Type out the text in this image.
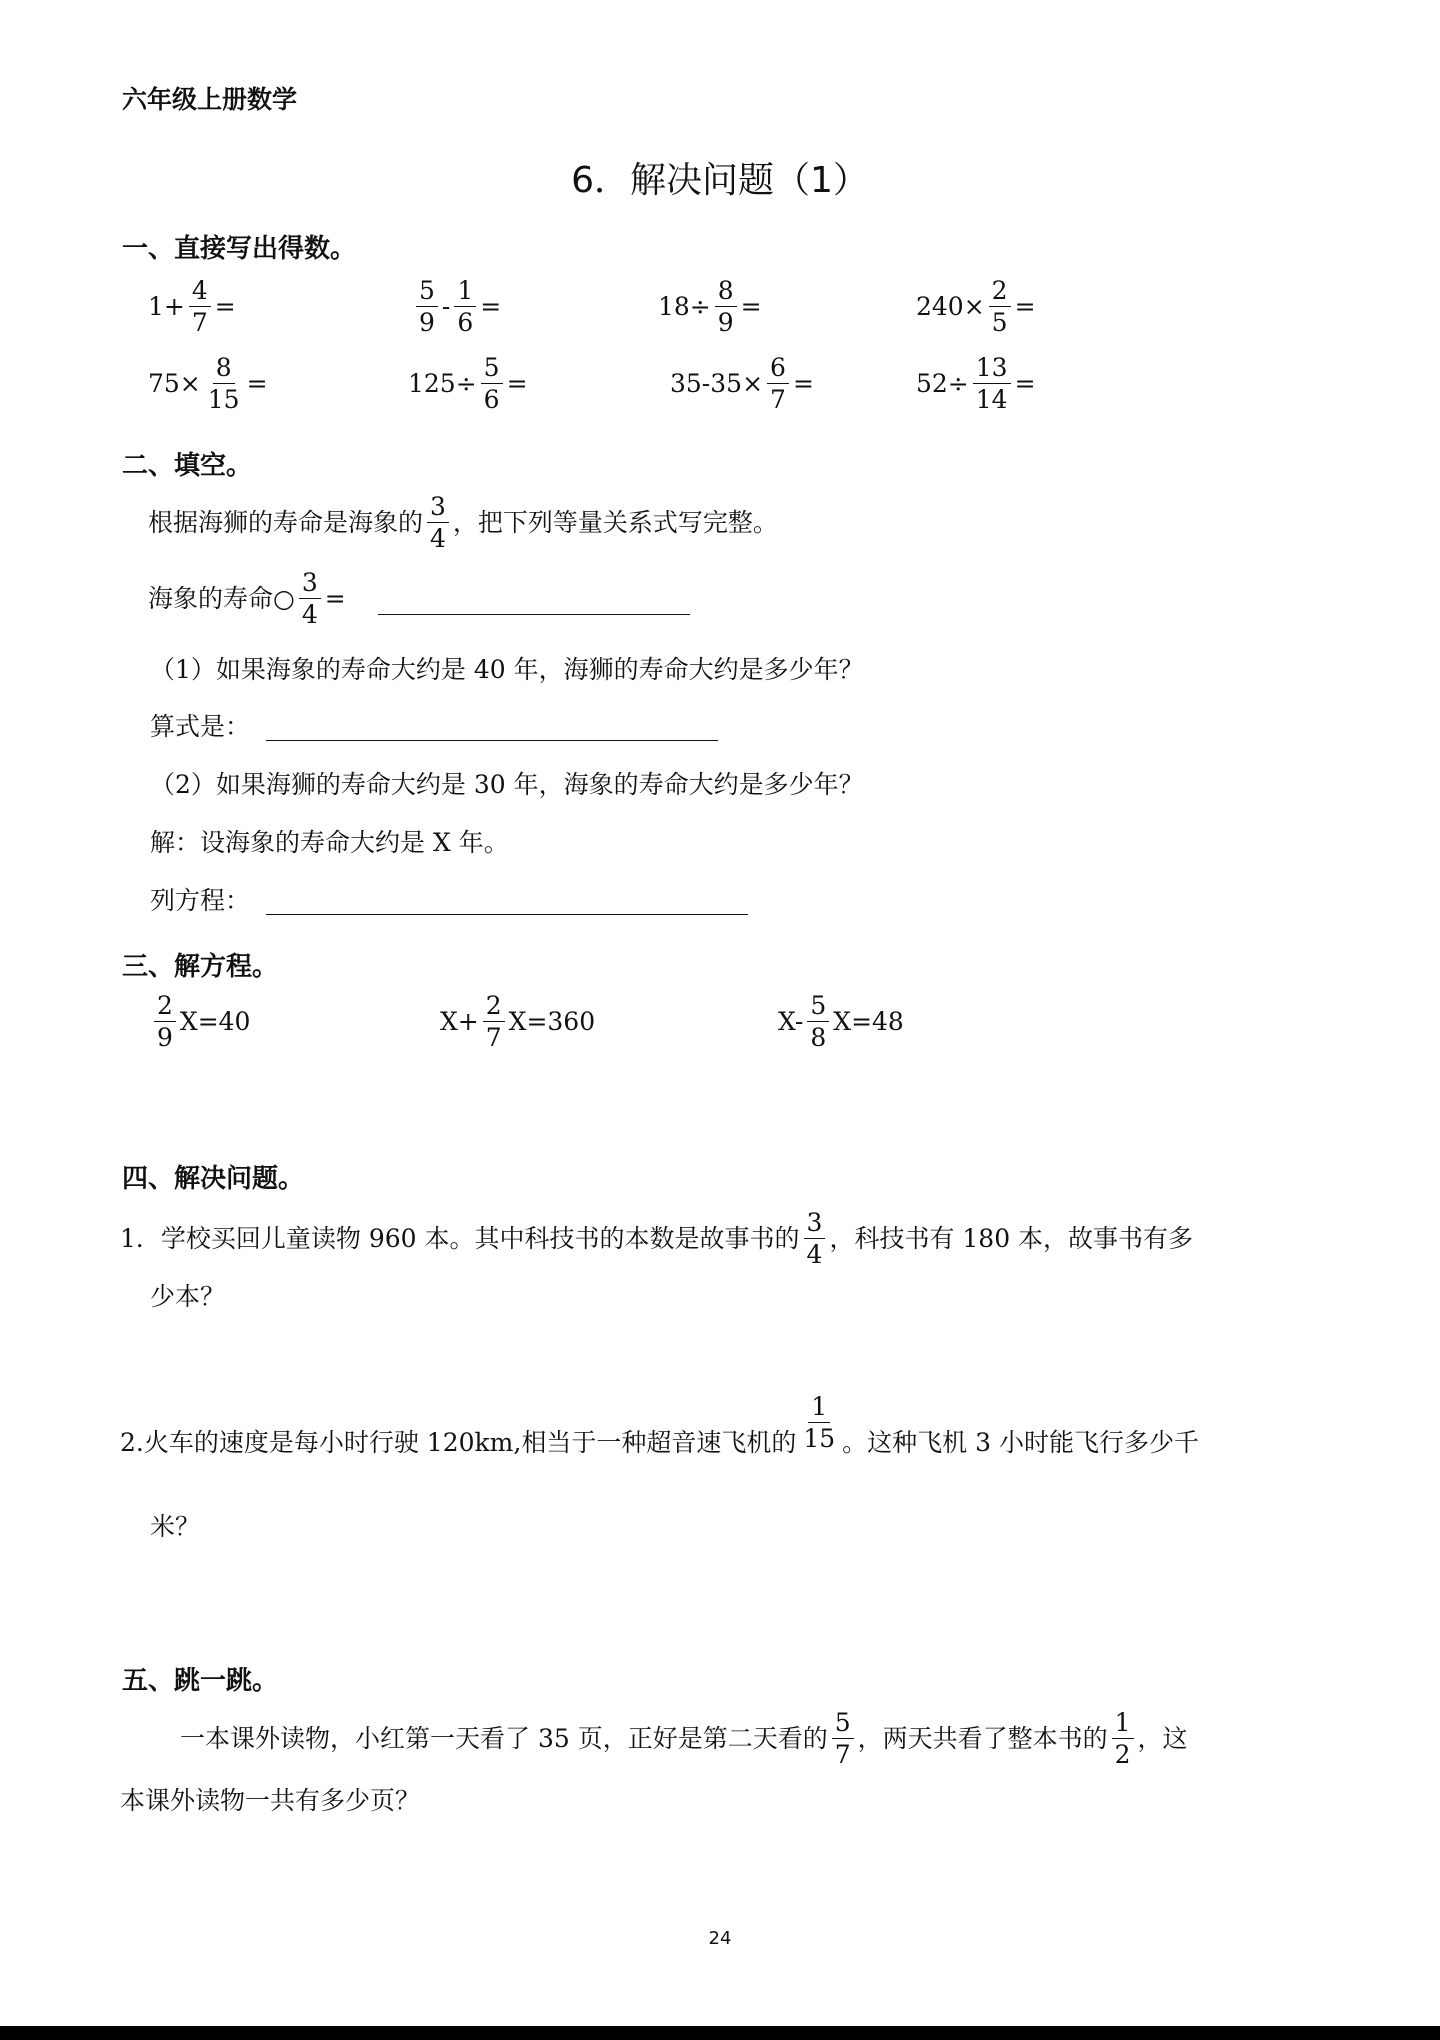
六年级上册数学
6．解决问题（1）
一、直接写出得数。
$1+ \frac{4}{7}$ =	$\frac{5}{9} - \frac{1}{6}$ =	$18\div \frac{8}{9}$ =	$240\times \frac{2}{5}$ =
$75\times \frac{8}{15}$ =	$125\div \frac{5}{6}$ =	$35-35\times \frac{6}{7}$ =	$52\div \frac{13}{14}$ =
二、填空。
根据海狮的寿命是海象的 $\frac{3}{4}$ ，把下列等量关系式写完整。
海象的寿命○ $\frac{3}{4}$ =
（1）如果海象的寿命大约是 40 年，海狮的寿命大约是多少年？
算式是：
（2）如果海狮的寿命大约是 30 年，海象的寿命大约是多少年？
解：设海象的寿命大约是 X 年。
列方程：
三、解方程。
$\frac{2}{9} X=40$	$X+ \frac{2}{7} X=360$	$X- \frac{5}{8} X=48$
四、解决问题。
1．学校买回儿童读物 960 本。其中科技书的本数是故事书的 $\frac{3}{4}$ ，科技书有 180 本，故事书有多
少本？
2.火车的速度是每小时行驶 120km,相当于一种超音速飞机的 $\frac{1}{15}$ 。这种飞机 3 小时能飞行多少千
米？
五、跳一跳。
一本课外读物，小红第一天看了 35 页，正好是第二天看的 $\frac{5}{7}$ ，两天共看了整本书的 $\frac{1}{2}$ ，这
本课外读物一共有多少页？
24
